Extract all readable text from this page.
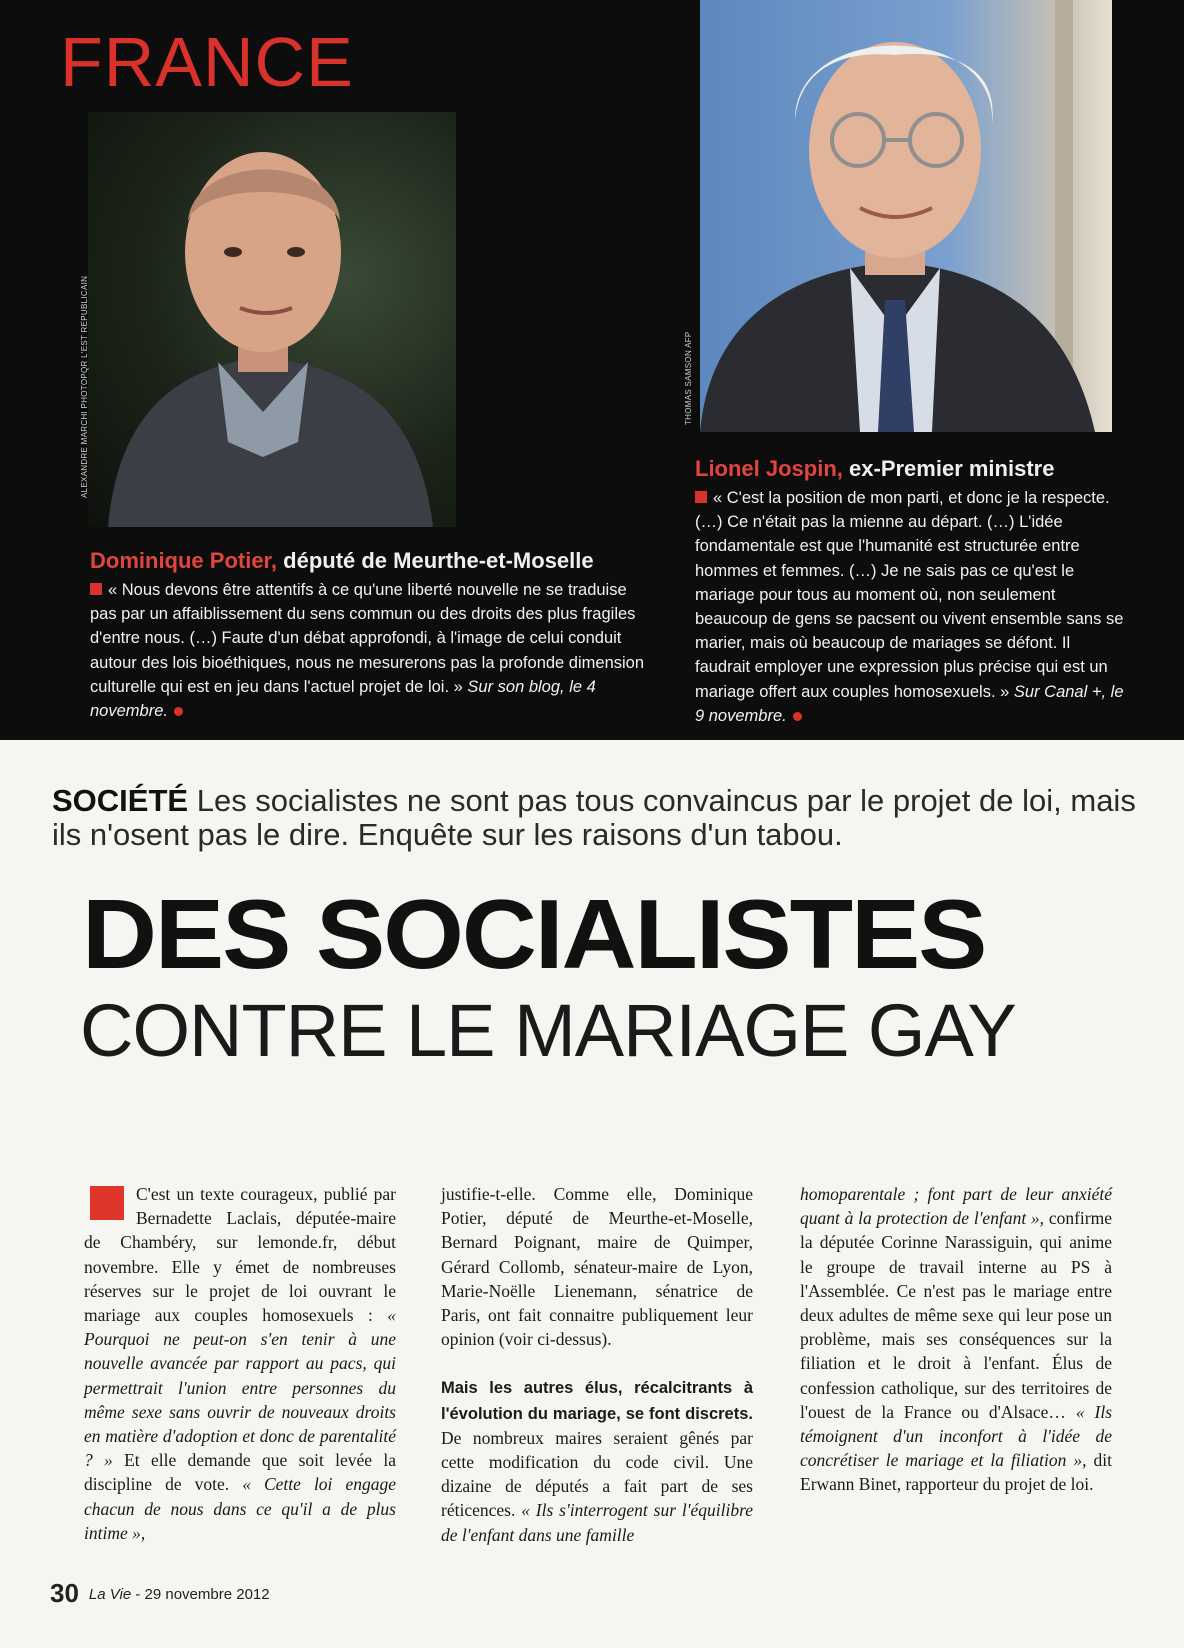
FRANCE
ALEXANDRE MARCHI PHOTOPQR L'EST REPUBLICAIN	THOMAS SAMSON AFP
Dominique Potier, député de Meurthe-et-Moselle
« Nous devons être attentifs à ce qu'une liberté nouvelle ne se traduise pas par un affaiblissement du sens commun ou des droits des plus fragiles d'entre nous. (…) Faute d'un débat approfondi, à l'image de celui conduit autour des lois bioéthiques, nous ne mesurerons pas la profonde dimension culturelle qui est en jeu dans l'actuel projet de loi. » Sur son blog, le 4 novembre.
Lionel Jospin, ex-Premier ministre
« C'est la position de mon parti, et donc je la respecte. (…) Ce n'était pas la mienne au départ. (…) L'idée fondamentale est que l'humanité est structurée entre hommes et femmes. (…) Je ne sais pas ce qu'est le mariage pour tous au moment où, non seulement beaucoup de gens se pacsent ou vivent ensemble sans se marier, mais où beaucoup de mariages se défont. Il faudrait employer une expression plus précise qui est un mariage offert aux couples homosexuels. » Sur Canal +, le 9 novembre.
SOCIÉTÉ Les socialistes ne sont pas tous convaincus par le projet de loi, mais ils n'osent pas le dire. Enquête sur les raisons d'un tabou.
DES SOCIALISTES
CONTRE LE MARIAGE GAY
C'est un texte courageux, publié par Bernadette Laclais, députée-maire de Chambéry, sur lemonde.fr, début novembre. Elle y émet de nombreuses réserves sur le projet de loi ouvrant le mariage aux couples homosexuels : « Pourquoi ne peut-on s'en tenir à une nouvelle avancée par rapport au pacs, qui permettrait l'union entre personnes du même sexe sans ouvrir de nouveaux droits en matière d'adoption et donc de parentalité ? » Et elle demande que soit levée la discipline de vote. « Cette loi engage chacun de nous dans ce qu'il a de plus intime »,
justifie-t-elle. Comme elle, Dominique Potier, député de Meurthe-et-Moselle, Bernard Poignant, maire de Quimper, Gérard Collomb, sénateur-maire de Lyon, Marie-Noëlle Lienemann, sénatrice de Paris, ont fait connaitre publiquement leur opinion (voir ci-dessus).
Mais les autres élus, récalcitrants à l'évolution du mariage, se font discrets. De nombreux maires seraient gênés par cette modification du code civil. Une dizaine de députés a fait part de ses réticences. « Ils s'interrogent sur l'équilibre de l'enfant dans une famille
homoparentale ; font part de leur anxiété quant à la protection de l'enfant », confirme la députée Corinne Narassiguin, qui anime le groupe de travail interne au PS à l'Assemblée. Ce n'est pas le mariage entre deux adultes de même sexe qui leur pose un problème, mais ses conséquences sur la filiation et le droit à l'enfant. Élus de confession catholique, sur des territoires de l'ouest de la France ou d'Alsace… « Ils témoignent d'un inconfort à l'idée de concrétiser le mariage et la filiation », dit Erwann Binet, rapporteur du projet de loi.
30 La Vie - 29 novembre 2012
